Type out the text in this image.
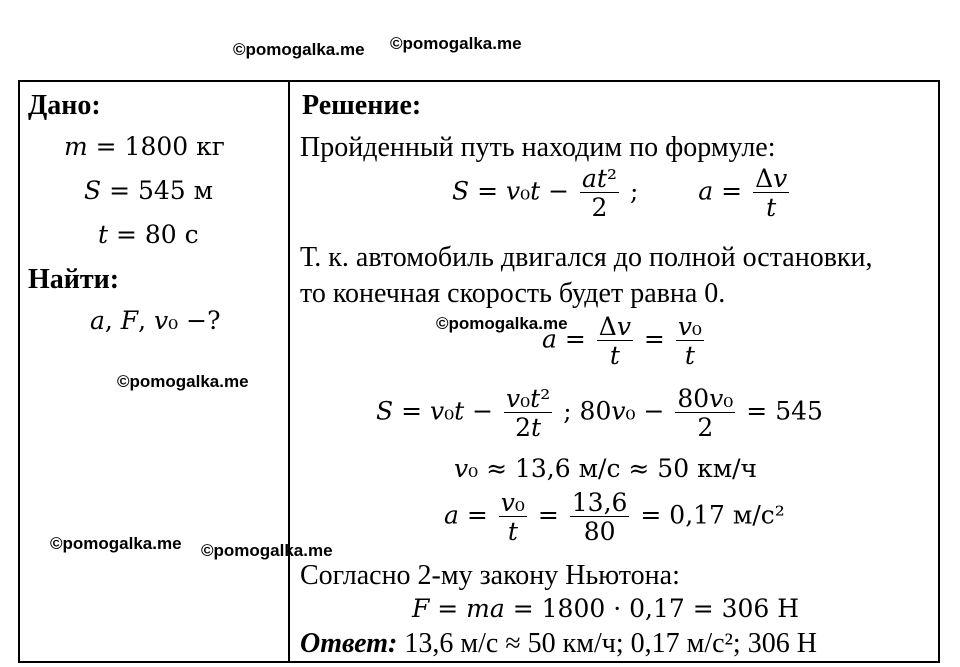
©pomogalka.me ©pomogalka.me
©pomogalka.me
©pomogalka.me
©pomogalka.me ©pomogalka.me
Дано:
𝑚 = 1800 кг
𝑆 = 545 м
𝑡 = 80 с
Найти:
𝑎, 𝐹, 𝑣₀ −?
Решение:
Пройденный путь находим по формуле:
𝑆 = 𝑣₀𝑡 − $\frac{\text{𝑎𝑡²}}{2}$ ; 𝑎 = $\frac{\text{Δ𝑣}}{\text{𝑡}}$
Т. к. автомобиль двигался до полной остановки,
то конечная скорость будет равна 0.
𝑎 = $\frac{\text{Δ𝑣}}{\text{𝑡}} = \frac{\text{𝑣₀}}{\text{𝑡}}$
𝑆 = 𝑣₀𝑡 − $\frac{\text{𝑣₀𝑡²}}{\text{2𝑡}}$ ; 80𝑣₀ − $\frac{\text{80𝑣₀}}{2} = 545$
𝑣₀ ≈ 13,6 м/с ≈ 50 км/ч
𝑎 = $\frac{\text{𝑣₀}}{\text{𝑡}} = \frac{13,6}{80} = 0,17$ м/с²
Согласно 2-му закону Ньютона:
𝐹 = 𝑚𝑎 = 1800 · 0,17 = 306 Н
Ответ: 13,6 м/с ≈ 50 км/ч; 0,17 м/с²; 306 Н
